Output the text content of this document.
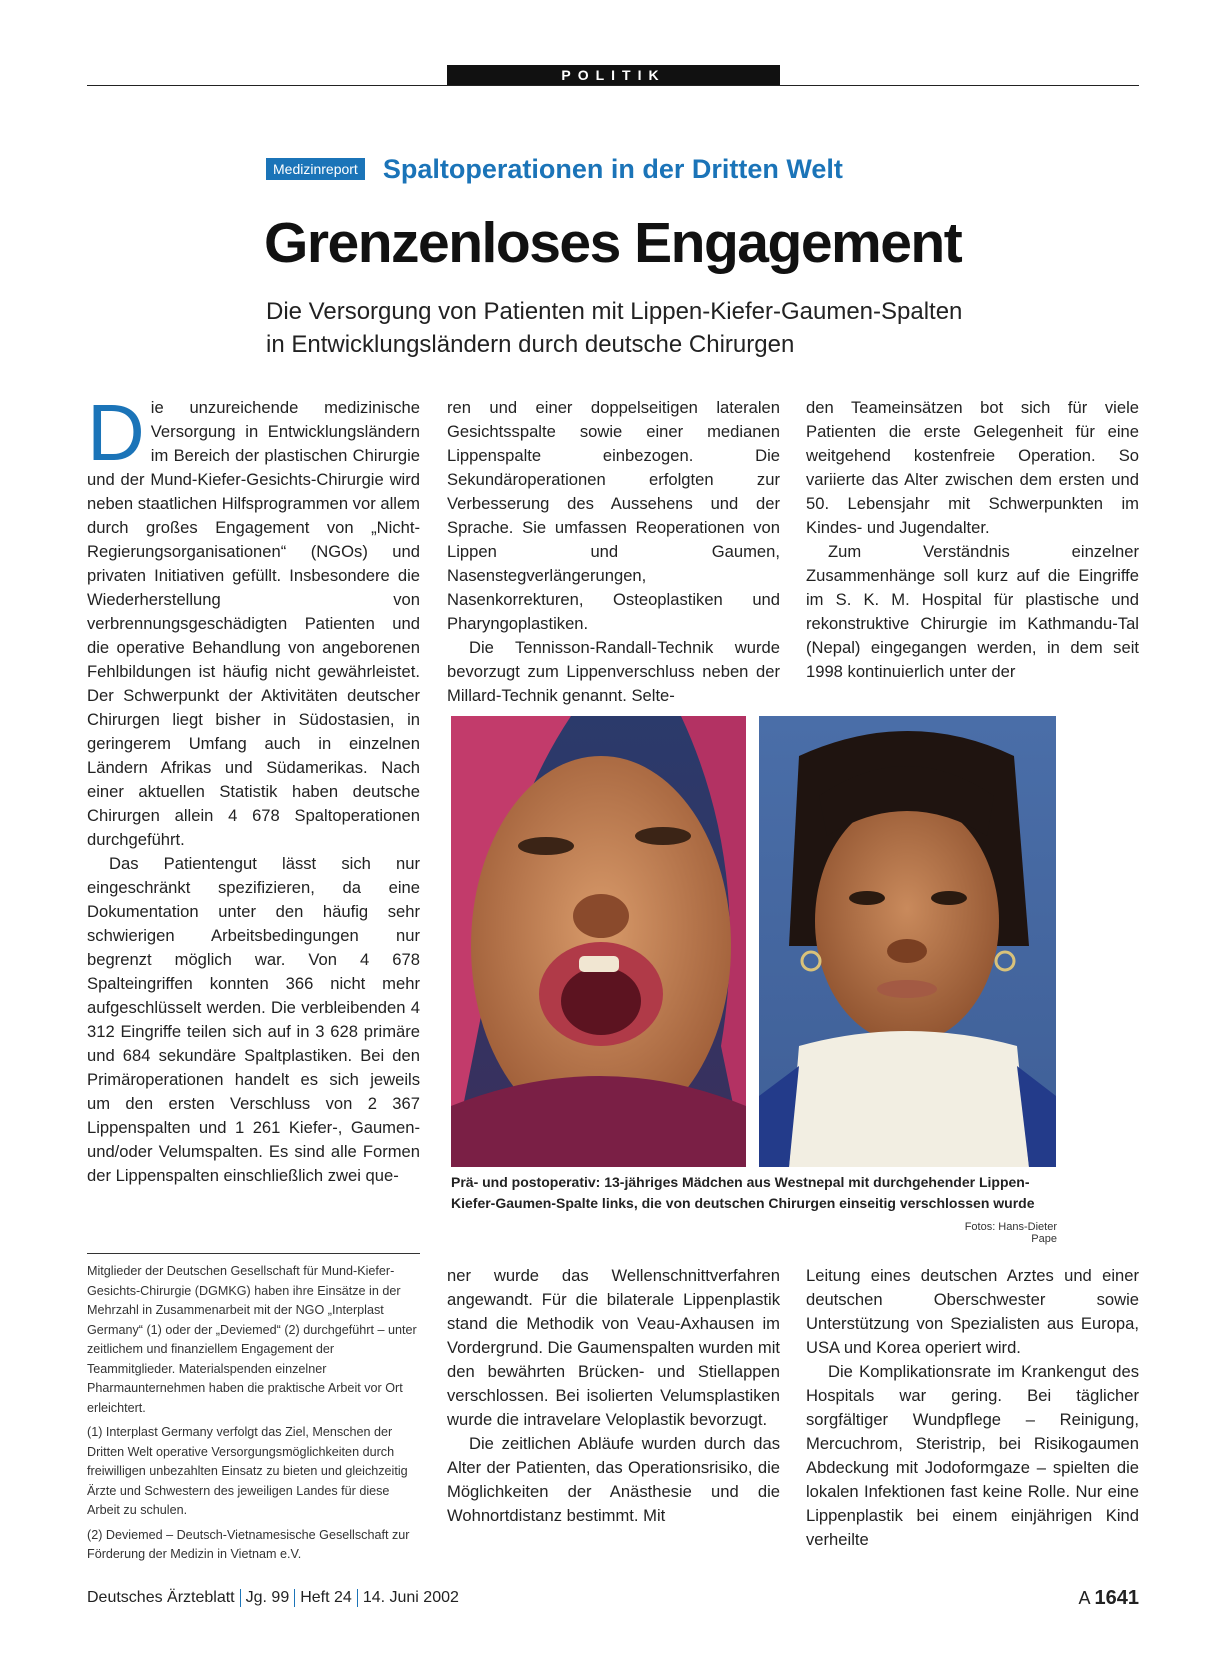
POLITIK
Medizinreport Spaltoperationen in der Dritten Welt
Grenzenloses Engagement
Die Versorgung von Patienten mit Lippen-Kiefer-Gaumen-Spalten in Entwicklungsländern durch deutsche Chirurgen
D ie unzureichende medizinische Versorgung in Entwicklungsländern im Bereich der plastischen Chirurgie und der Mund-Kiefer-Gesichts-Chirurgie wird neben staatlichen Hilfsprogrammen vor allem durch großes Engagement von „Nicht-Regierungsorganisationen“ (NGOs) und privaten Initiativen gefüllt. Insbesondere die Wiederherstellung von verbrennungsgeschädigten Patienten und die operative Behandlung von angeborenen Fehlbildungen ist häufig nicht gewährleistet. Der Schwerpunkt der Aktivitäten deutscher Chirurgen liegt bisher in Südostasien, in geringerem Umfang auch in einzelnen Ländern Afrikas und Südamerikas. Nach einer aktuellen Statistik haben deutsche Chirurgen allein 4 678 Spaltoperationen durchgeführt.

Das Patientengut lässt sich nur eingeschränkt spezifizieren, da eine Dokumentation unter den häufig sehr schwierigen Arbeitsbedingungen nur begrenzt möglich war. Von 4 678 Spalteingriffen konnten 366 nicht mehr aufgeschlüsselt werden. Die verbleibenden 4 312 Eingriffe teilen sich auf in 3 628 primäre und 684 sekundäre Spaltplastiken. Bei den Primäroperationen handelt es sich jeweils um den ersten Verschluss von 2 367 Lippenspalten und 1 261 Kiefer-, Gaumen- und/oder Velumspalten. Es sind alle Formen der Lippenspalten einschließlich zwei que-

ren und einer doppelseitigen lateralen Gesichtsspalte sowie einer medianen Lippenspalte einbezogen. Die Sekundäroperationen erfolgten zur Verbesserung des Aussehens und der Sprache. Sie umfassen Reoperationen von Lippen und Gaumen, Nasenstegverlängerungen, Nasenkorrekturen, Osteoplastiken und Pharyngoplastiken.

Die Tennisson-Randall-Technik wurde bevorzugt zum Lippenverschluss neben der Millard-Technik genannt. Selte-

den Teameinsätzen bot sich für viele Patienten die erste Gelegenheit für eine weitgehend kostenfreie Operation. So variierte das Alter zwischen dem ersten und 50. Lebensjahr mit Schwerpunkten im Kindes- und Jugendalter.

Zum Verständnis einzelner Zusammenhänge soll kurz auf die Eingriffe im S. K. M. Hospital für plastische und rekonstruktive Chirurgie im Kathmandu-Tal (Nepal) eingegangen werden, in dem seit 1998 kontinuierlich unter der

Prä- und postoperativ: 13-jähriges Mädchen aus Westnepal mit durchgehender Lippen-Kiefer-Gaumen-Spalte links, die von deutschen Chirurgen einseitig verschlossen wurde
Fotos: Hans-Dieter Pape

Mitglieder der Deutschen Gesellschaft für Mund-Kiefer-Gesichts-Chirurgie (DGMKG) haben ihre Einsätze in der Mehrzahl in Zusammenarbeit mit der NGO „Interplast Germany“ (1) oder der „Deviemed“ (2) durchgeführt – unter zeitlichem und finanziellem Engagement der Teammitglieder. Materialspenden einzelner Pharmaunternehmen haben die praktische Arbeit vor Ort erleichtert.

(1) Interplast Germany verfolgt das Ziel, Menschen der Dritten Welt operative Versorgungsmöglichkeiten durch freiwilligen unbezahlten Einsatz zu bieten und gleichzeitig Ärzte und Schwestern des jeweiligen Landes für diese Arbeit zu schulen.

(2) Deviemed – Deutsch-Vietnamesische Gesellschaft zur Förderung der Medizin in Vietnam e.V.

ner wurde das Wellenschnittverfahren angewandt. Für die bilaterale Lippenplastik stand die Methodik von Veau-Axhausen im Vordergrund. Die Gaumenspalten wurden mit den bewährten Brücken- und Stiellappen verschlossen. Bei isolierten Velumsplastiken wurde die intravelare Veloplastik bevorzugt.

Die zeitlichen Abläufe wurden durch das Alter der Patienten, das Operationsrisiko, die Möglichkeiten der Anästhesie und die Wohnortdistanz bestimmt. Mit

Leitung eines deutschen Arztes und einer deutschen Oberschwester sowie Unterstützung von Spezialisten aus Europa, USA und Korea operiert wird.

Die Komplikationsrate im Krankengut des Hospitals war gering. Bei täglicher sorgfältiger Wundpflege – Reinigung, Mercuchrom, Steristrip, bei Risikogaumen Abdeckung mit Jodoformgaze – spielten die lokalen Infektionen fast keine Rolle. Nur eine Lippenplastik bei einem einjährigen Kind verheilte

Deutsches Ärzteblatt Jg. 99 Heft 24 14. Juni 2002	A 1641
